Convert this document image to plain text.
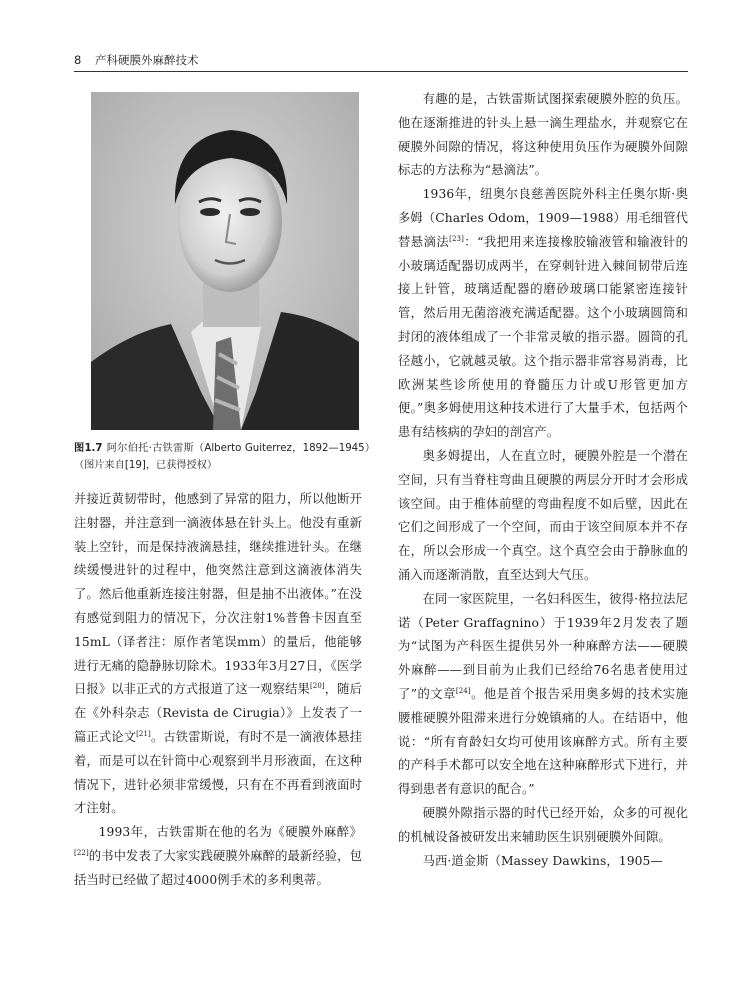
8 产科硬膜外麻醉技术
图1.7 阿尔伯托·古铁雷斯（Alberto Guiterrez，1892—1945）（图片来自[19]，已获得授权）

并接近黄韧带时，他感到了异常的阻力，所以他断开注射器，并注意到一滴液体悬在针头上。他没有重新装上空针，而是保持液滴悬挂，继续推进针头。在继续缓慢进针的过程中，他突然注意到这滴液体消失了。然后他重新连接注射器，但是抽不出液体。”在没有感觉到阻力的情况下，分次注射1%普鲁卡因直至15mL（译者注：原作者笔误mm）的量后，他能够进行无痛的隐静脉切除术。1933年3月27日，《医学日报》以非正式的方式报道了这一观察结果[20]，随后在《外科杂志（Revista de Cirugia）》上发表了一篇正式论文[21]。古铁雷斯说，有时不是一滴液体悬挂着，而是可以在针筒中心观察到半月形液面，在这种情况下，进针必须非常缓慢，只有在不再看到液面时才注射。

1993年，古铁雷斯在他的名为《硬膜外麻醉》[22]的书中发表了大家实践硬膜外麻醉的最新经验，包括当时已经做了超过4000例手术的多利奥蒂。

有趣的是，古铁雷斯试图探索硬膜外腔的负压。他在逐渐推进的针头上悬一滴生理盐水，并观察它在硬膜外间隙的情况，将这种使用负压作为硬膜外间隙标志的方法称为“悬滴法”。

1936年，纽奥尔良慈善医院外科主任奥尔斯·奥多姆（Charles Odom，1909—1988）用毛细管代替悬滴法[23]：“我把用来连接橡胶输液管和输液针的小玻璃适配器切成两半，在穿刺针进入棘间韧带后连接上针管，玻璃适配器的磨砂玻璃口能紧密连接针管，然后用无菌溶液充满适配器。这个小玻璃圆筒和封闭的液体组成了一个非常灵敏的指示器。圆筒的孔径越小，它就越灵敏。这个指示器非常容易消毒，比欧洲某些诊所使用的脊髓压力计或U形管更加方便。”奥多姆使用这种技术进行了大量手术，包括两个患有结核病的孕妇的剖宫产。

奥多姆提出，人在直立时，硬膜外腔是一个潜在空间，只有当脊柱弯曲且硬膜的两层分开时才会形成该空间。由于椎体前壁的弯曲程度不如后壁，因此在它们之间形成了一个空间，而由于该空间原本并不存在，所以会形成一个真空。这个真空会由于静脉血的涌入而逐渐消散，直至达到大气压。

在同一家医院里，一名妇科医生，彼得·格拉法尼诺（Peter Graffagnino）于1939年2月发表了题为“试图为产科医生提供另外一种麻醉方法——硬膜外麻醉——到目前为止我们已经给76名患者使用过了”的文章[24]。他是首个报告采用奥多姆的技术实施腰椎硬膜外阻滞来进行分娩镇痛的人。在结语中，他说：“所有育龄妇女均可使用该麻醉方式。所有主要的产科手术都可以安全地在这种麻醉形式下进行，并得到患者有意识的配合。”

硬膜外隙指示器的时代已经开始，众多的可视化的机械设备被研发出来辅助医生识别硬膜外间隙。

马西·道金斯（Massey Dawkins，1905—
